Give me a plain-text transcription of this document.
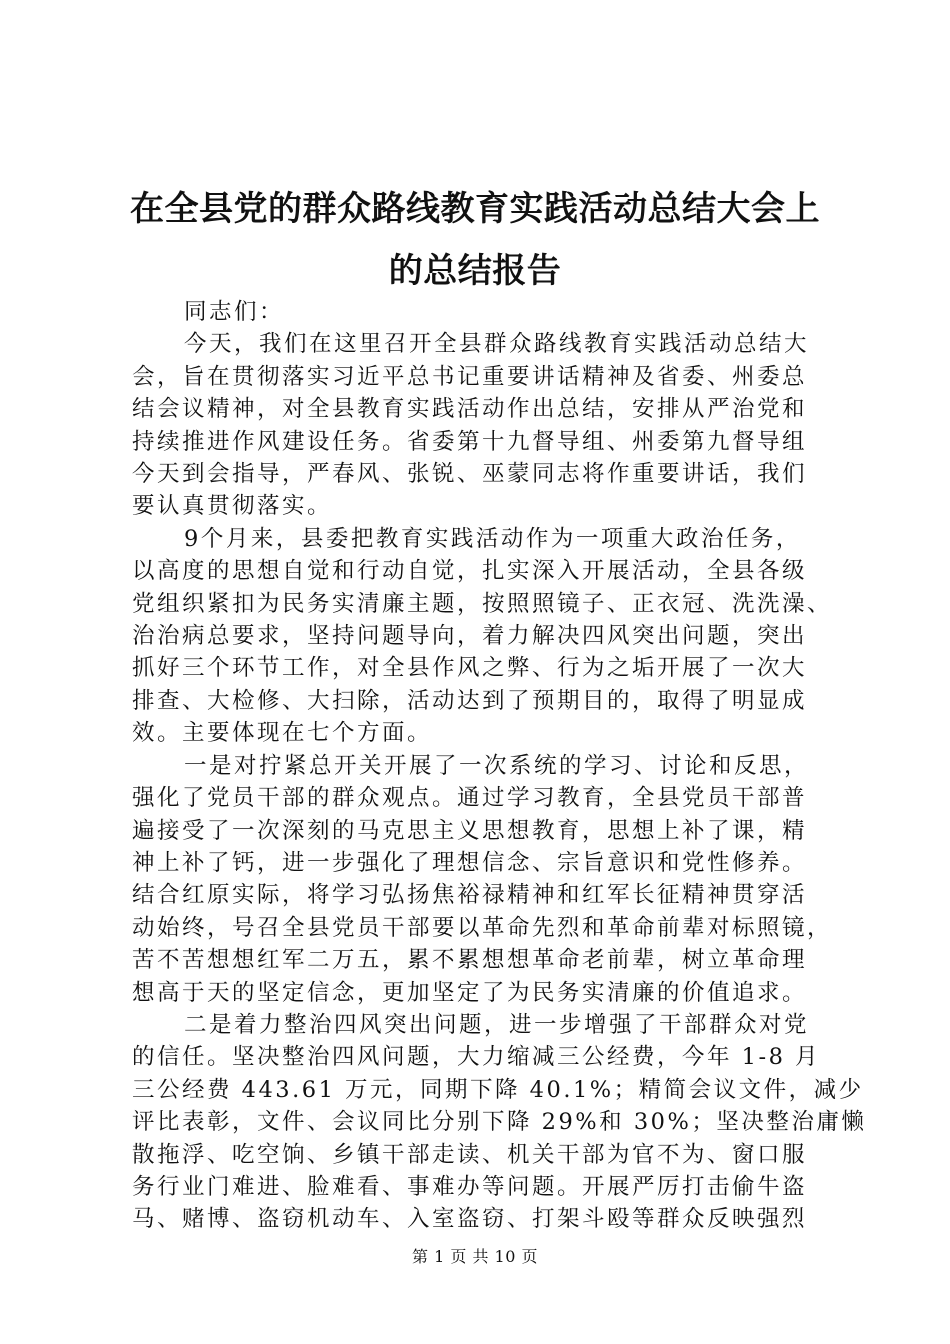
在全县党的群众路线教育实践活动总结大会上
的总结报告

同志们：

今天，我们在这里召开全县群众路线教育实践活动总结大
会，旨在贯彻落实习近平总书记重要讲话精神及省委、州委总
结会议精神，对全县教育实践活动作出总结，安排从严治党和
持续推进作风建设任务。省委第十九督导组、州委第九督导组
今天到会指导，严春风、张锐、巫蒙同志将作重要讲话，我们
要认真贯彻落实。

9个月来，县委把教育实践活动作为一项重大政治任务，
以高度的思想自觉和行动自觉，扎实深入开展活动，全县各级
党组织紧扣为民务实清廉主题，按照照镜子、正衣冠、洗洗澡、
治治病总要求，坚持问题导向，着力解决四风突出问题，突出
抓好三个环节工作，对全县作风之弊、行为之垢开展了一次大
排查、大检修、大扫除，活动达到了预期目的，取得了明显成
效。主要体现在七个方面。

一是对拧紧总开关开展了一次系统的学习、讨论和反思，
强化了党员干部的群众观点。通过学习教育，全县党员干部普
遍接受了一次深刻的马克思主义思想教育，思想上补了课，精
神上补了钙，进一步强化了理想信念、宗旨意识和党性修养。
结合红原实际，将学习弘扬焦裕禄精神和红军长征精神贯穿活
动始终，号召全县党员干部要以革命先烈和革命前辈对标照镜，
苦不苦想想红军二万五，累不累想想革命老前辈，树立革命理
想高于天的坚定信念，更加坚定了为民务实清廉的价值追求。

二是着力整治四风突出问题，进一步增强了干部群众对党
的信任。坚决整治四风问题，大力缩减三公经费，今年 1-8 月
三公经费 443.61 万元，同期下降 40.1%；精简会议文件，减少
评比表彰，文件、会议同比分别下降 29%和 30%；坚决整治庸懒
散拖浮、吃空饷、乡镇干部走读、机关干部为官不为、窗口服
务行业门难进、脸难看、事难办等问题。开展严厉打击偷牛盗
马、赌博、盗窃机动车、入室盗窃、打架斗殴等群众反映强烈

第 1 页 共 10 页
